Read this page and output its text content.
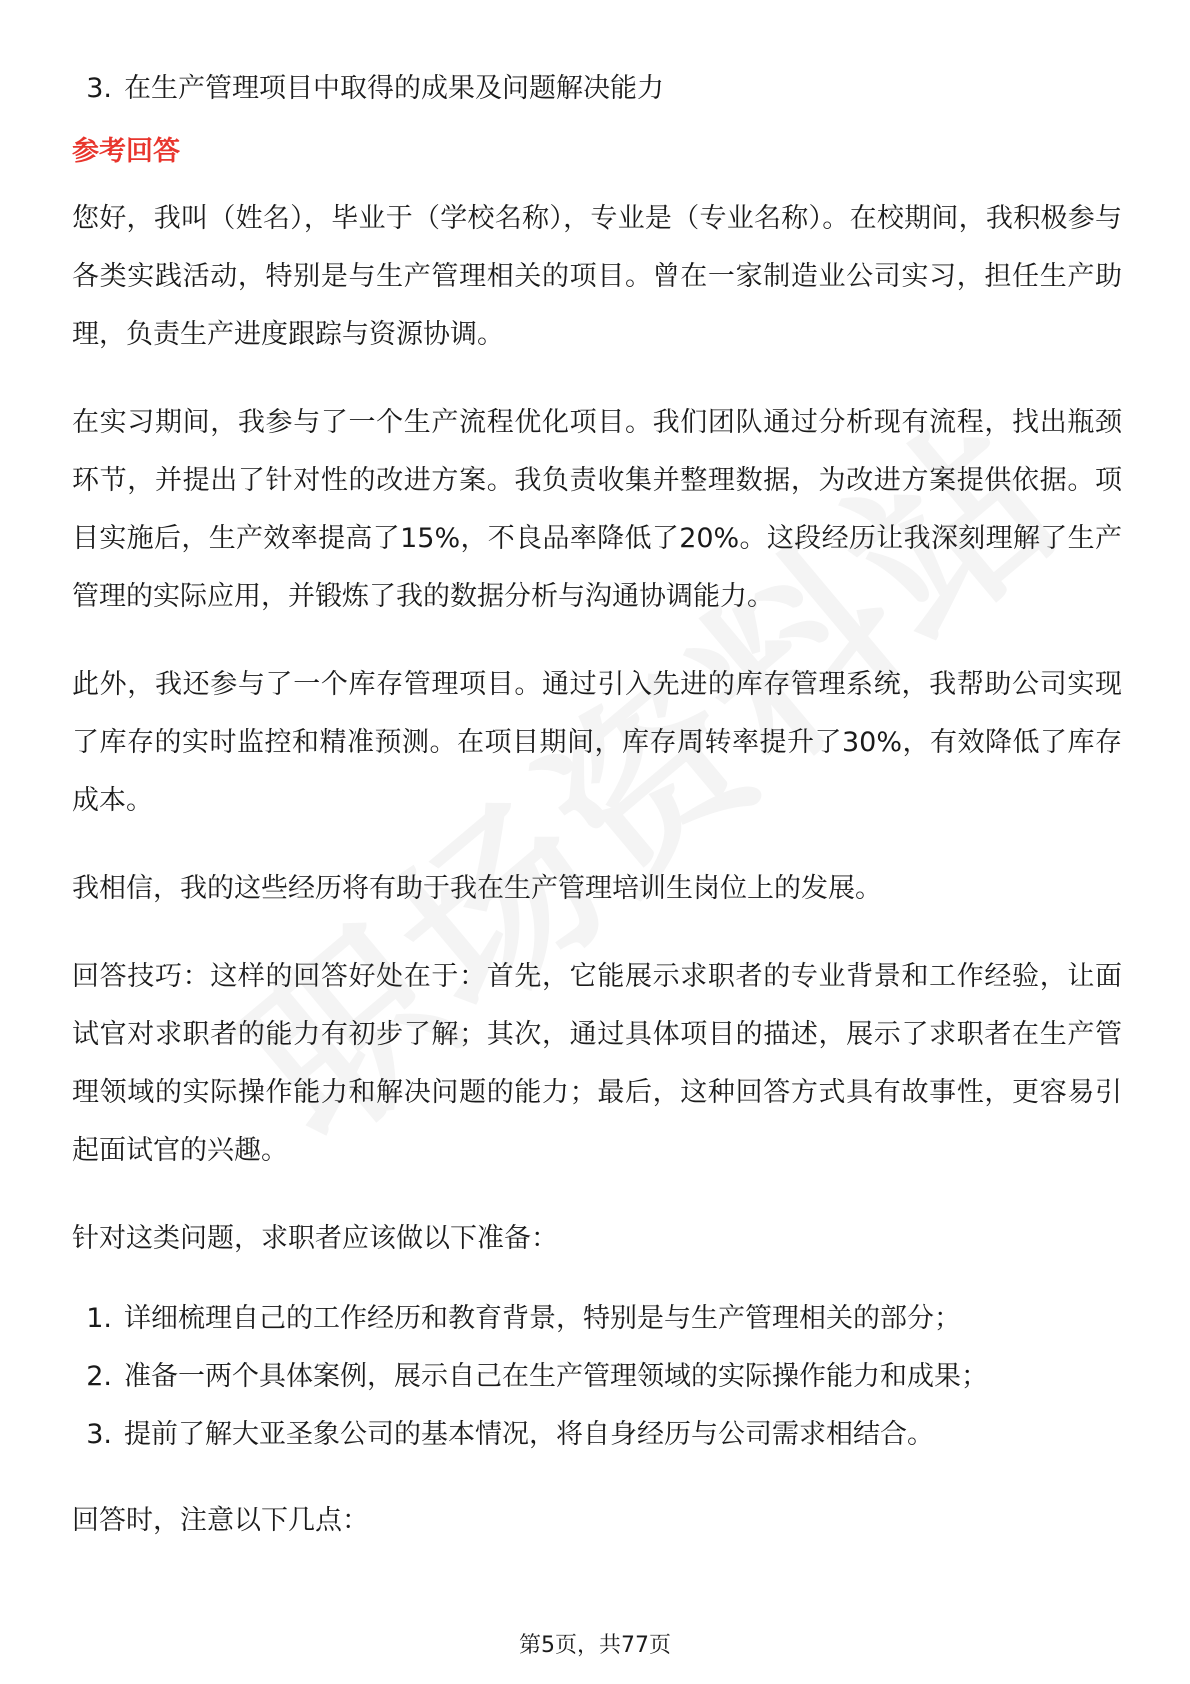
3. 在生产管理项目中取得的成果及问题解决能力
参考回答

您好，我叫（姓名），毕业于（学校名称），专业是（专业名称）。在校期间，我积极参与各类实践活动，特别是与生产管理相关的项目。曾在一家制造业公司实习，担任生产助理，负责生产进度跟踪与资源协调。

在实习期间，我参与了一个生产流程优化项目。我们团队通过分析现有流程，找出瓶颈环节，并提出了针对性的改进方案。我负责收集并整理数据，为改进方案提供依据。项目实施后，生产效率提高了15%，不良品率降低了20%。这段经历让我深刻理解了生产管理的实际应用，并锻炼了我的数据分析与沟通协调能力。

此外，我还参与了一个库存管理项目。通过引入先进的库存管理系统，我帮助公司实现了库存的实时监控和精准预测。在项目期间，库存周转率提升了30%，有效降低了库存成本。

我相信，我的这些经历将有助于我在生产管理培训生岗位上的发展。

回答技巧：这样的回答好处在于：首先，它能展示求职者的专业背景和工作经验，让面试官对求职者的能力有初步了解；其次，通过具体项目的描述，展示了求职者在生产管理领域的实际操作能力和解决问题的能力；最后，这种回答方式具有故事性，更容易引起面试官的兴趣。

针对这类问题，求职者应该做以下准备：

1. 详细梳理自己的工作经历和教育背景，特别是与生产管理相关的部分；
2. 准备一两个具体案例，展示自己在生产管理领域的实际操作能力和成果；
3. 提前了解大亚圣象公司的基本情况，将自身经历与公司需求相结合。

回答时，注意以下几点：

第5页，共77页
